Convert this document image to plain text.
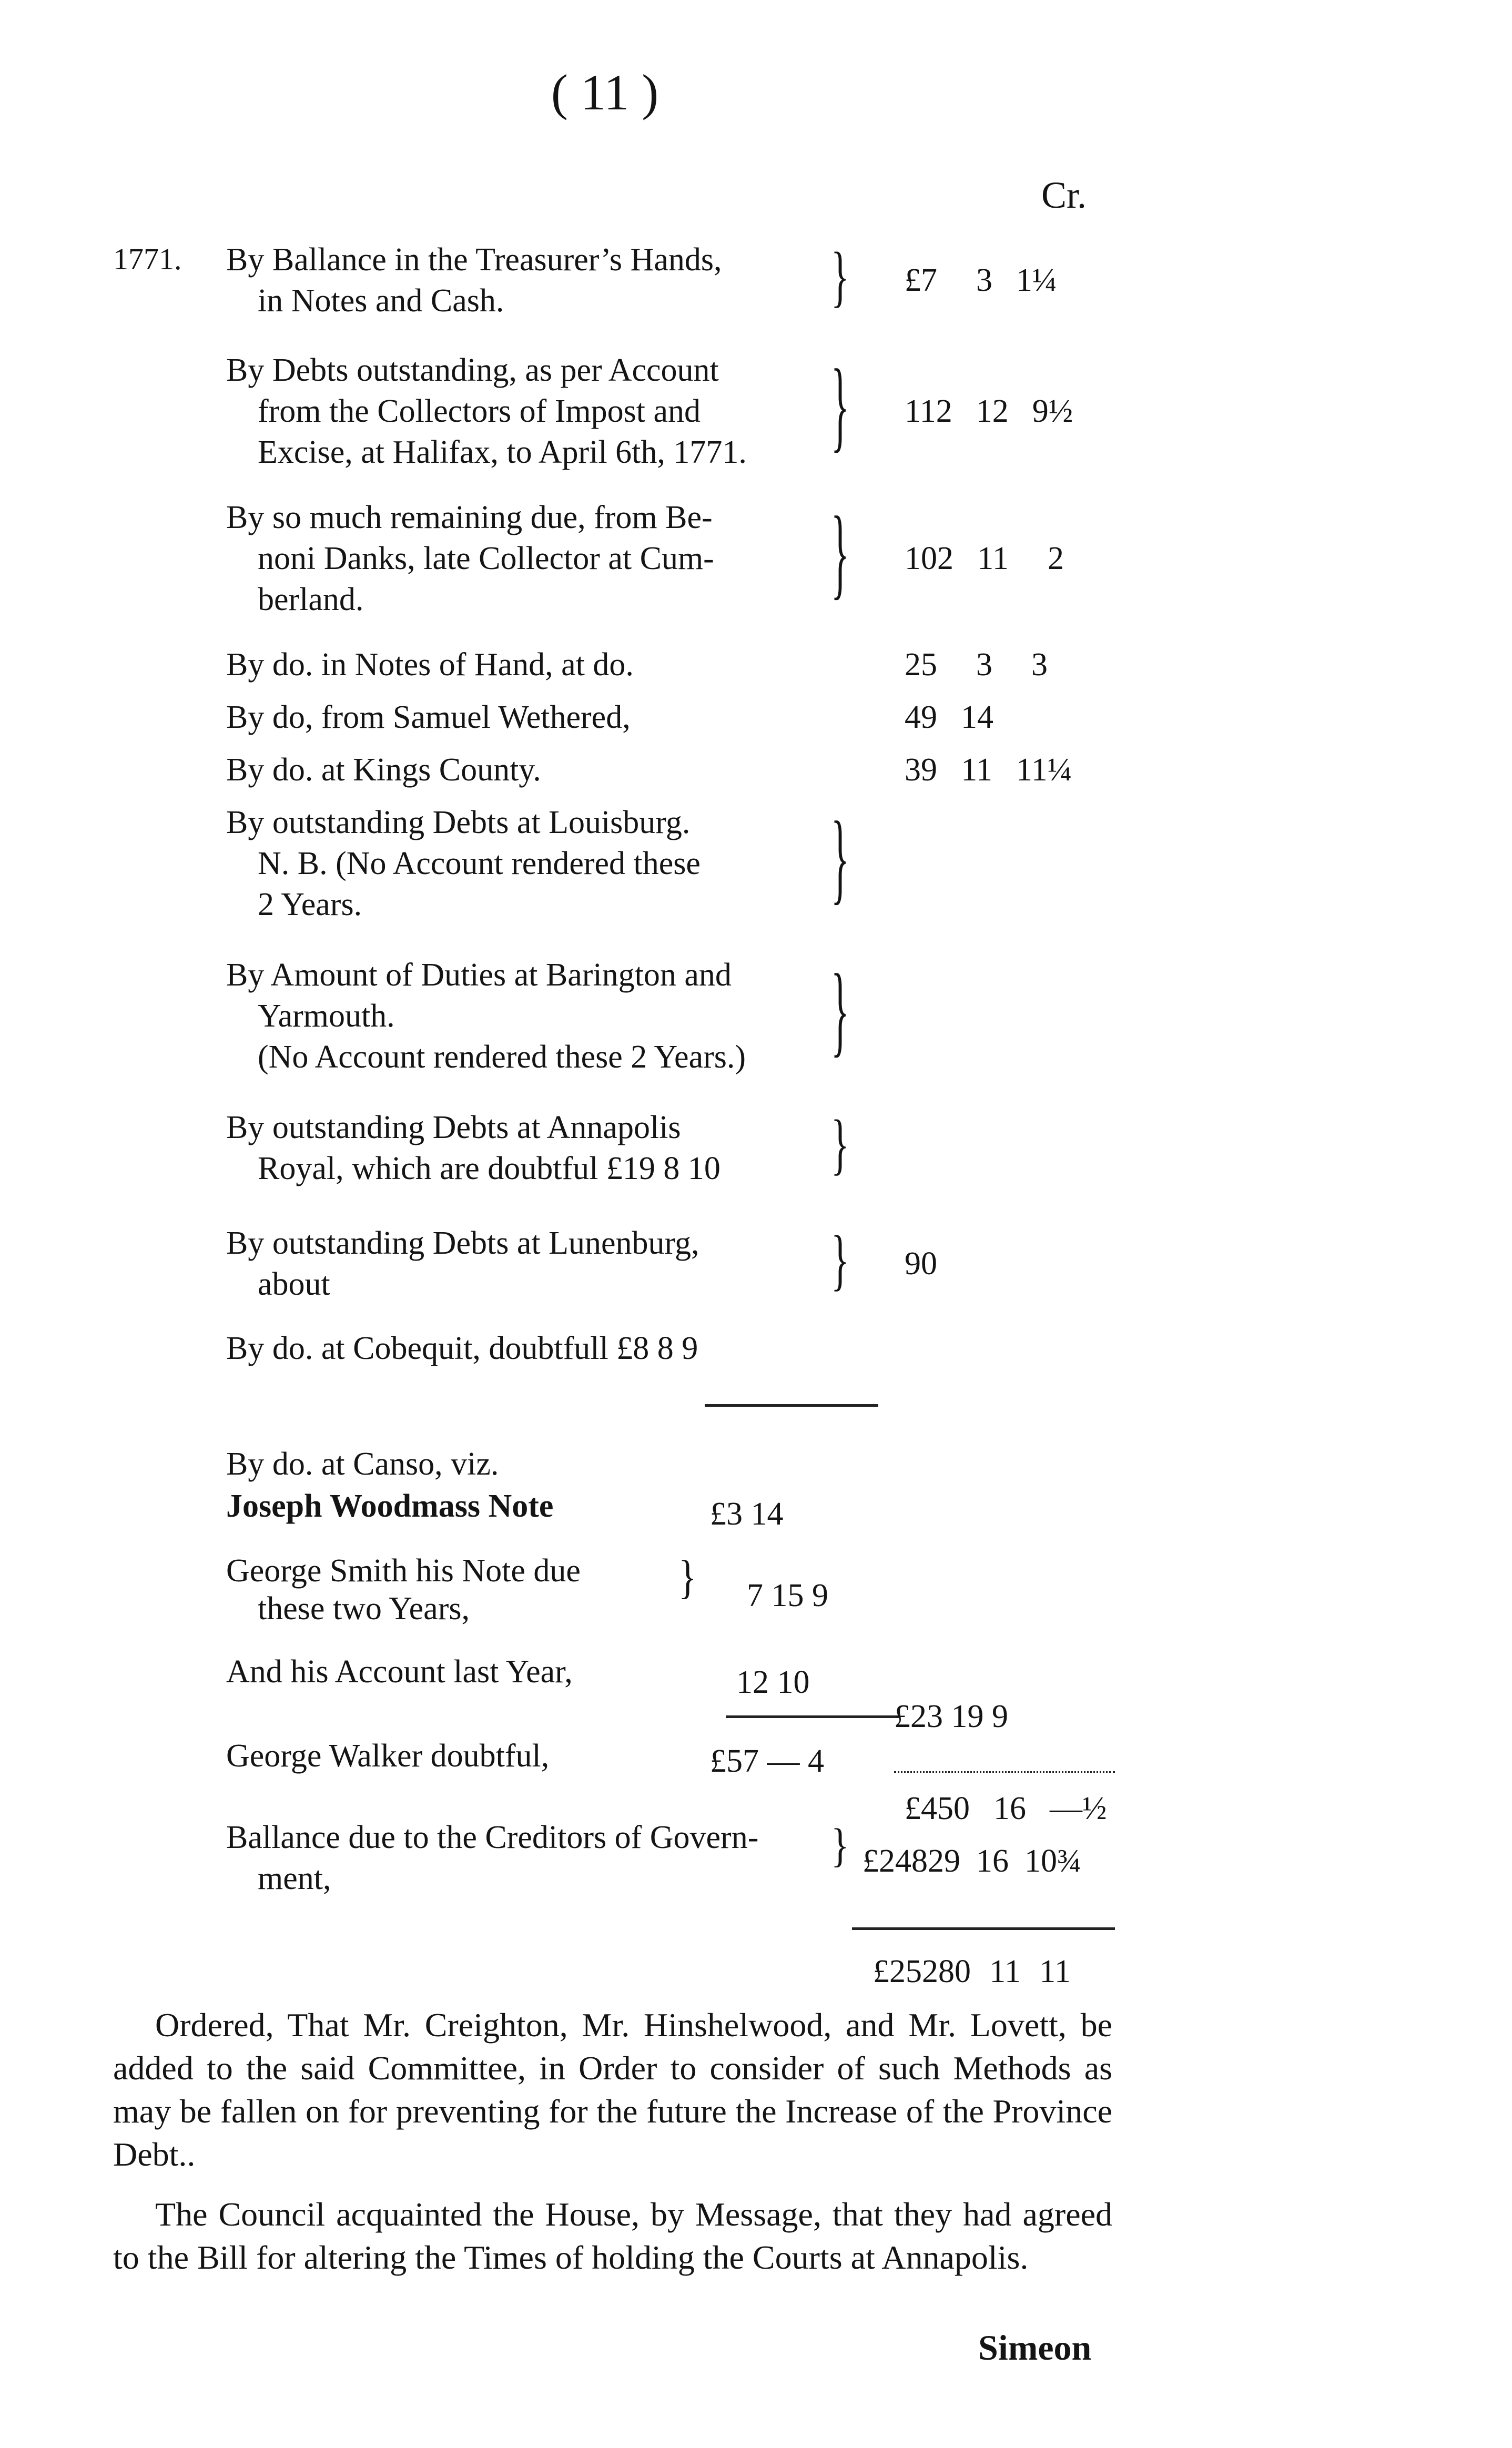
( 11 )
Cr.
1771. By Ballance in the Treasurer’s Hands,
in Notes and Cash.	} £7	3 1¼
By Debts outstanding, as per Account
from the Collectors of Impost and
Excise, at Halifax, to April 6th, 1771.	} 112 12 9½
By so much remaining due, from Be-
noni Danks, late Collector at Cum-
berland.	} 102 11	2
By do. in Notes of Hand, at do.	25	3	3
By do, from Samuel Wethered,	49 14
By do. at Kings County.	39 11 11¼
By outstanding Debts at Louisburg.
N. B. (No Account rendered these
2 Years.	}
By Amount of Duties at Barington and
Yarmouth.
(No Account rendered these 2 Years.)	}
By outstanding Debts at Annapolis
Royal, which are doubtful £19 8 10	}
By outstanding Debts at Lunenburg,
about	} 90
By do. at Cobequit, doubtfull £8 8 9
By do. at Canso, viz.
Joseph Woodmass Note	£3 14
George Smith his Note due
these two Years,
} 7 15 9
And his Account last Year,	12 10
£23 19 9
George Walker doubtful,	£57 — 4
£450 16 —½
Ballance due to the Creditors of Govern-
ment,
} £24829 16 10¾
£25280 11 11
Ordered, That Mr. Creighton, Mr. Hinshelwood, and Mr. Lovett, be added to the said Committee, in Order to consider of such Methods as may be fallen on for preventing for the future the Increase of the Province Debt..
The Council acquainted the House, by Message, that they had agreed to the Bill for altering the Times of holding the Courts at Annapolis.
Simeon
